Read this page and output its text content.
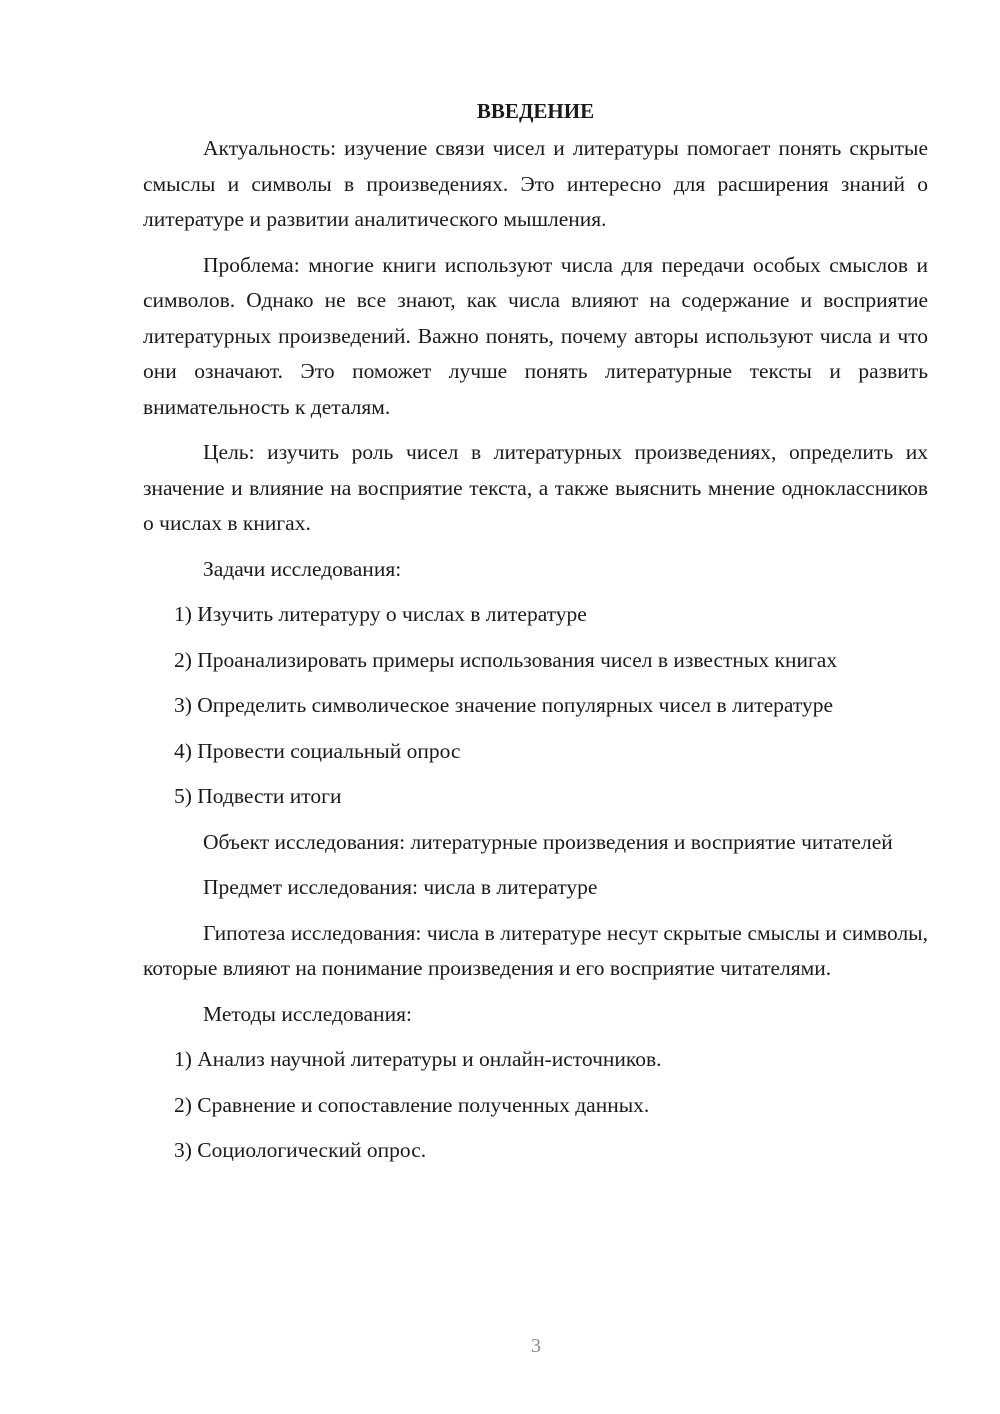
ВВЕДЕНИЕ

Актуальность: изучение связи чисел и литературы помогает понять скрытые смыслы и символы в произведениях. Это интересно для расширения знаний о литературе и развитии аналитического мышления.

Проблема: многие книги используют числа для передачи особых смыслов и символов. Однако не все знают, как числа влияют на содержание и восприятие литературных произведений. Важно понять, почему авторы используют числа и что они означают. Это поможет лучше понять литературные тексты и развить внимательность к деталям.

Цель: изучить роль чисел в литературных произведениях, определить их значение и влияние на восприятие текста, а также выяснить мнение одноклассников о числах в книгах.

Задачи исследования:

1) Изучить литературу о числах в литературе

2) Проанализировать примеры использования чисел в известных книгах

3) Определить символическое значение популярных чисел в литературе

4) Провести социальный опрос

5) Подвести итоги

Объект исследования: литературные произведения и восприятие читателей

Предмет исследования: числа в литературе

Гипотеза исследования: числа в литературе несут скрытые смыслы и символы, которые влияют на понимание произведения и его восприятие читателями.

Методы исследования:

1) Анализ научной литературы и онлайн-источников.

2) Сравнение и сопоставление полученных данных.

3) Социологический опрос.

3
